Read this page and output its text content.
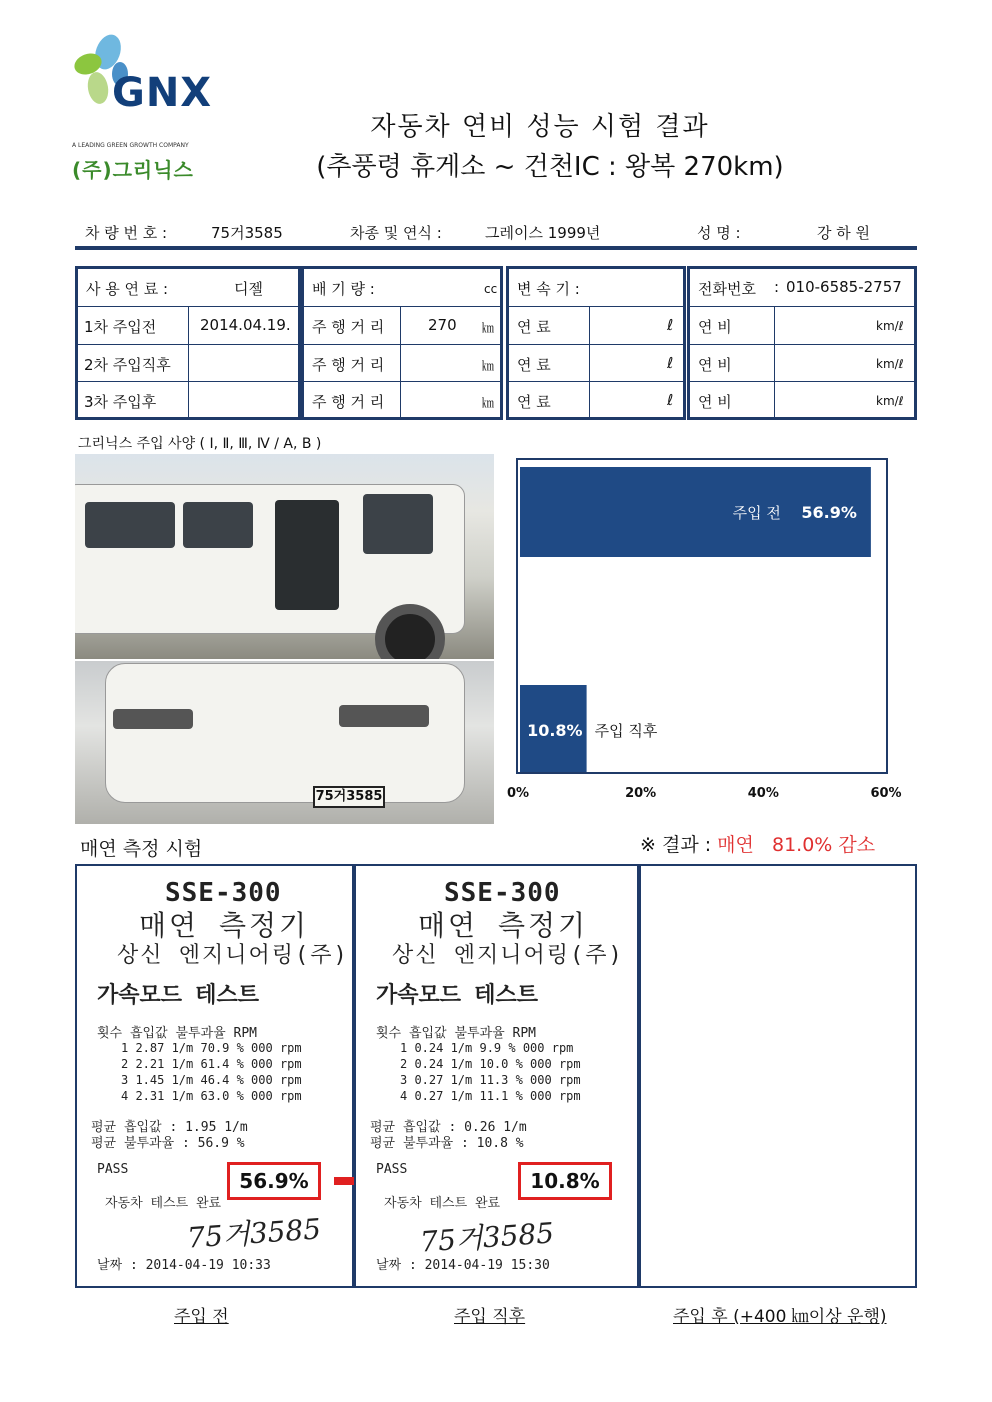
GNX
A LEADING GREEN GROWTH COMPANY
(주)그리닉스
자동차 연비 성능 시험 결과
(추풍령 휴게소 ~ 건천IC : 왕복 270km)
차 량 번 호 :	75거3585	차종 및 연식 :	그레이스 1999년	성 명 :	강 하 원
사 용 연 료 :	디젤
1차 주입전	2014.04.19.
2차 주입직후
3차 주입후
배 기 량 :	cc
주 행 거 리	270 ㎞
주 행 거 리	㎞
주 행 거 리	㎞
변 속 기 :
연 료	ℓ
연 료	ℓ
연 료	ℓ
전화번호 : 010-6585-2757
연 비	km/ℓ
연 비	km/ℓ
연 비	km/ℓ
그리닉스 주입 사양 ( Ⅰ, Ⅱ, Ⅲ, Ⅳ / A, B )
75거3585
56.9%
주입 전
10.8% 주입 직후
0%	20%	40%	60%
매연 측정 시험	※ 결과 : 매연 81.0% 감소
SSE-300
매연 측정기
상신 엔지니어링(주)
가속모드 테스트
횟수 흡입값 불투과율 RPM
1 2.87 1/m 70.9 % 000 rpm
2 2.21 1/m 61.4 % 000 rpm
3 1.45 1/m 46.4 % 000 rpm
4 2.31 1/m 63.0 % 000 rpm
평균 흡입값 : 1.95 1/m
평균 불투과율 : 56.9 %
PASS
자동차 테스트 완료
75거3585
날짜 : 2014-04-19 10:33
56.9%
SSE-300
매연 측정기
상신 엔지니어링(주)
가속모드 테스트
횟수 흡입값 불투과율 RPM
1 0.24 1/m 9.9 % 000 rpm
2 0.24 1/m 10.0 % 000 rpm
3 0.27 1/m 11.3 % 000 rpm
4 0.27 1/m 11.1 % 000 rpm
평균 흡입값 : 0.26 1/m
평균 불투과율 : 10.8 %
PASS
자동차 테스트 완료
75거3585
날짜 : 2014-04-19 15:30
10.8%
주입 전	주입 직후	주입 후 (+400 ㎞이상 운행)
